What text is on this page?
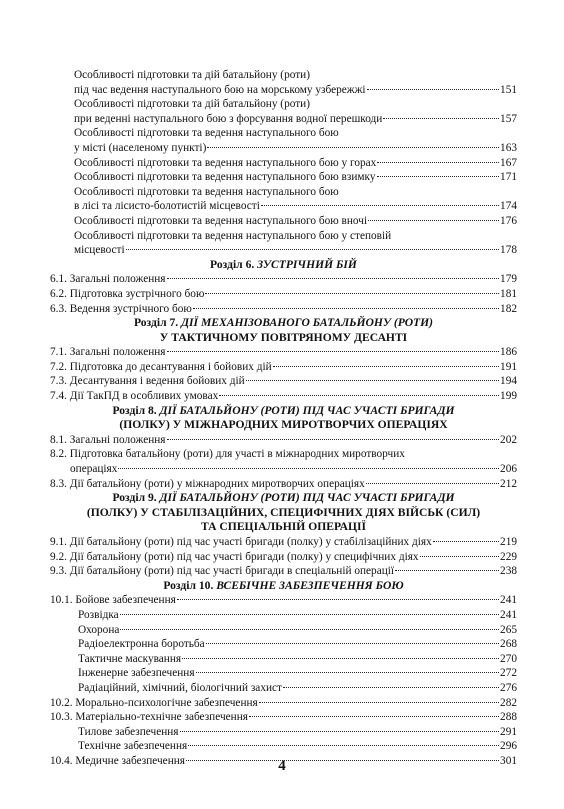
Особливості підготовки та дій батальйону (роти)
під час ведення наступального бою на морському узбережжі	151
Особливості підготовки та дій батальйону (роти)
при веденні наступального бою з форсування водної перешкоди	157
Особливості підготовки та ведення наступального бою
у місті (населеному пункті)	163
Особливості підготовки та ведення наступального бою у горах	167
Особливості підготовки та ведення наступального бою взимку	171
Особливості підготовки та ведення наступального бою
в лісі та лісисто-болотистій місцевості	174
Особливості підготовки та ведення наступального бою вночі	176
Особливості підготовки та ведення наступального бою у степовій
місцевості	178
Розділ 6. ЗУСТРІЧНИЙ БІЙ
6.1. Загальні положення	179
6.2. Підготовка зустрічного бою	181
6.3. Ведення зустрічного бою	182
Розділ 7. ДІЇ МЕХАНІЗОВАНОГО БАТАЛЬЙОНУ (РОТИ)
У ТАКТИЧНОМУ ПОВІТРЯНОМУ ДЕСАНТІ
7.1. Загальні положення	186
7.2. Підготовка до десантування і бойових дій	191
7.3. Десантування і ведення бойових дій	194
7.4. Дії ТакПД в особливих умовах	199
Розділ 8. ДІЇ БАТАЛЬЙОНУ (РОТИ) ПІД ЧАС УЧАСТІ БРИГАДИ
(ПОЛКУ) У МІЖНАРОДНИХ МИРОТВОРЧИХ ОПЕРАЦІЯХ
8.1. Загальні положення	202
8.2. Підготовка батальйону (роти) для участі в міжнародних миротворчих
операціях	206
8.3. Дії батальйону (роти) у міжнародних миротворчих операціях	212
Розділ 9. ДІЇ БАТАЛЬЙОНУ (РОТИ) ПІД ЧАС УЧАСТІ БРИГАДИ
(ПОЛКУ) У СТАБІЛІЗАЦІЙНИХ, СПЕЦИФІЧНИХ ДІЯХ ВІЙСЬК (СИЛ)
ТА СПЕЦІАЛЬНІЙ ОПЕРАЦІЇ
9.1. Дії батальйону (роти) під час участі бригади (полку) у стабілізаційних діях	219
9.2. Дії батальйону (роти) під час участі бригади (полку) у специфічних діях	229
9.3. Дії батальйону (роти) під час участі бригади в спеціальній операції	238
Розділ 10. ВСЕБІЧНЕ ЗАБЕЗПЕЧЕННЯ БОЮ
10.1. Бойове забезпечення	241
Розвідка	241
Охорона	265
Радіоелектронна боротьба	268
Тактичне маскування	270
Інженерне забезпечення	272
Радіаційний, хімічний, біологічний захист	276
10.2. Морально-психологічне забезпечення	282
10.3. Матеріально-технічне забезпечення	288
Тилове забезпечення	291
Технічне забезпечення	296
10.4. Медичне забезпечення	301
4
